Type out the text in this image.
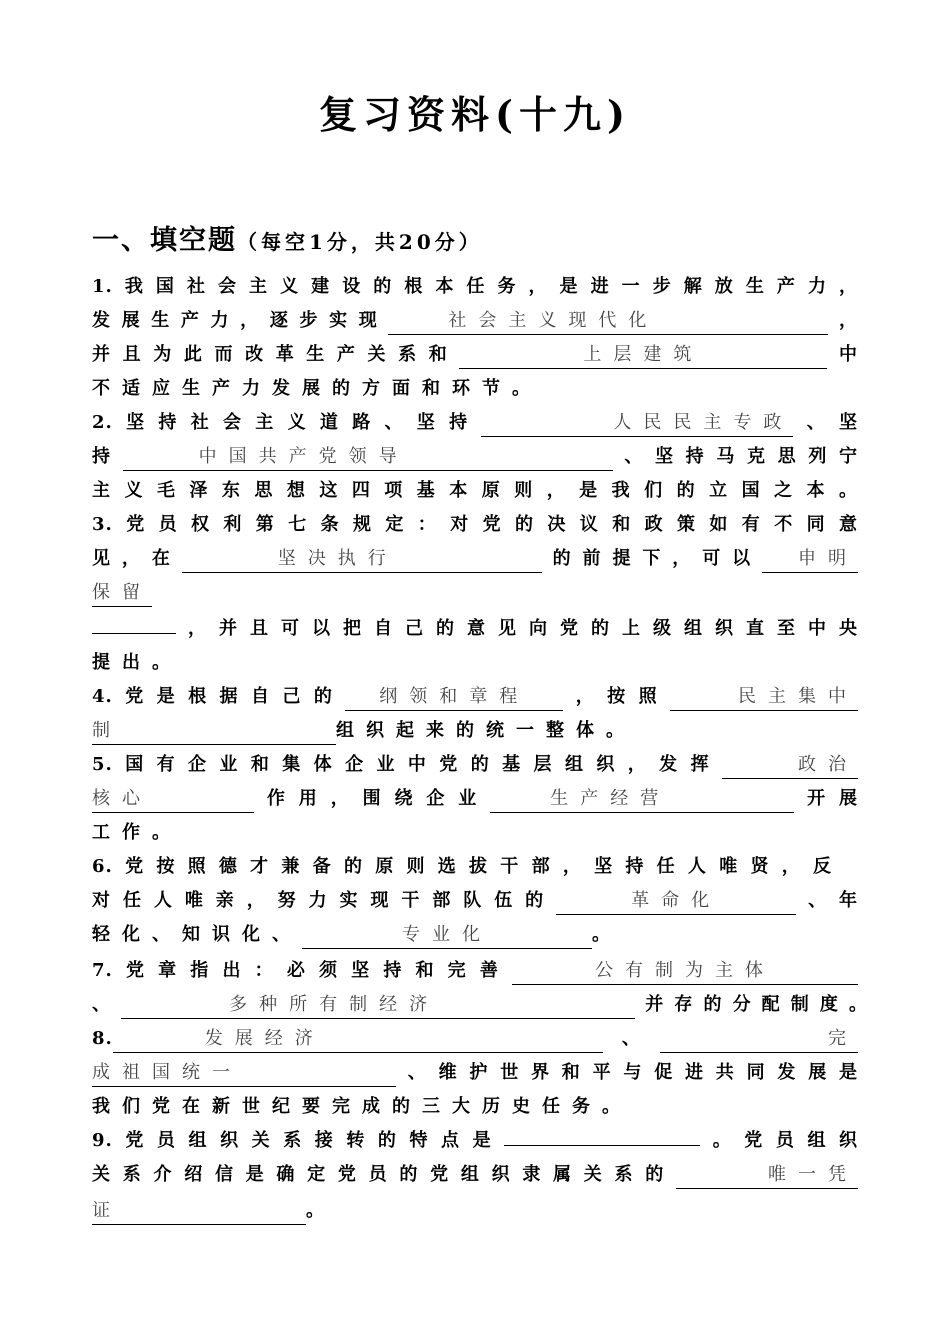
复习资料(十九)
一、填空题（每空1分，共20分）
1.我国社会主义建设的根本任务，是进一步解放生产力，
发展生产力，逐步实现	社会主义现代化	，
并且为此而改革生产关系和	上层建筑	中
不适应生产力发展的方面和环节。
2.坚持社会主义道路、坚持	人民民主专政、坚
持	中国共产党领导	、坚持马克思列宁
主义毛泽东思想这四项基本原则，是我们的立国之本。
3.党员权利第七条规定：对党的决议和政策如有不同意
见，在	坚决执行	的前提下，可以 申明
保留
，并且可以把自己的意见向党的上级组织直至中央
提出。
4.党是根据自己的 纲领和章程 ，按照	民主集中
制	组织起来的统一整体。
5.国有企业和集体企业中党的基层组织，发挥	政治
核心	作用，围绕企业	生产经营	开展
工作。
6.党按照德才兼备的原则选拔干部，坚持任人唯贤，反
对任人唯亲，努力实现干部队伍的	革命化	、年
轻化、知识化、	专业化	。
7.党章指出：必须坚持和完善	公有制为主体
、	多种所有制经济	并存的分配制度。
8.	发展经济	、	完
成祖国统一	、维护世界和平与促进共同发展是
我们党在新世纪要完成的三大历史任务。
9.党员组织关系接转的特点是	。党员组织
关系介绍信是确定党员的党组织隶属关系的	唯一凭
证	。
